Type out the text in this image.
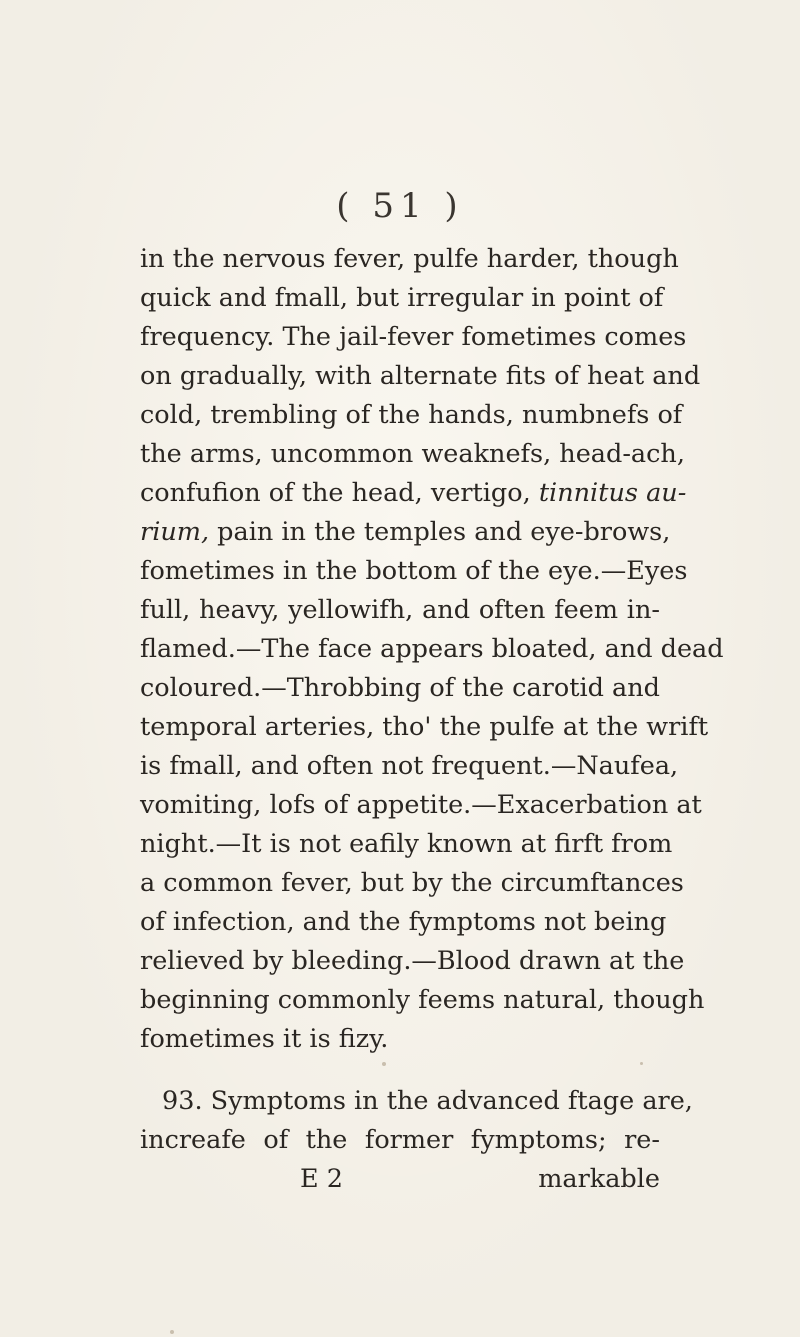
( 51 )
in the nervous fever, pulfe harder, though
quick and fmall, but irregular in point of
frequency. The jail-fever fometimes comes
on gradually, with alternate fits of heat and
cold, trembling of the hands, numbnefs of
the arms, uncommon weaknefs, head-ach,
confufion of the head, vertigo, tinnitus au-
rium, pain in the temples and eye-brows,
fometimes in the bottom of the eye.—Eyes
full, heavy, yellowifh, and often feem in-
flamed.—The face appears bloated, and dead
coloured.—Throbbing of the carotid and
temporal arteries, tho' the pulfe at the wrift
is fmall, and often not frequent.—Naufea,
vomiting, lofs of appetite.—Exacerbation at
night.—It is not eafily known at firft from
a common fever, but by the circumftances
of infection, and the fymptoms not being
relieved by bleeding.—Blood drawn at the
beginning commonly feems natural, though
fometimes it is fizy.
93. Symptoms in the advanced ftage are,
increafe of the former fymptoms; re-
E 2	markable
